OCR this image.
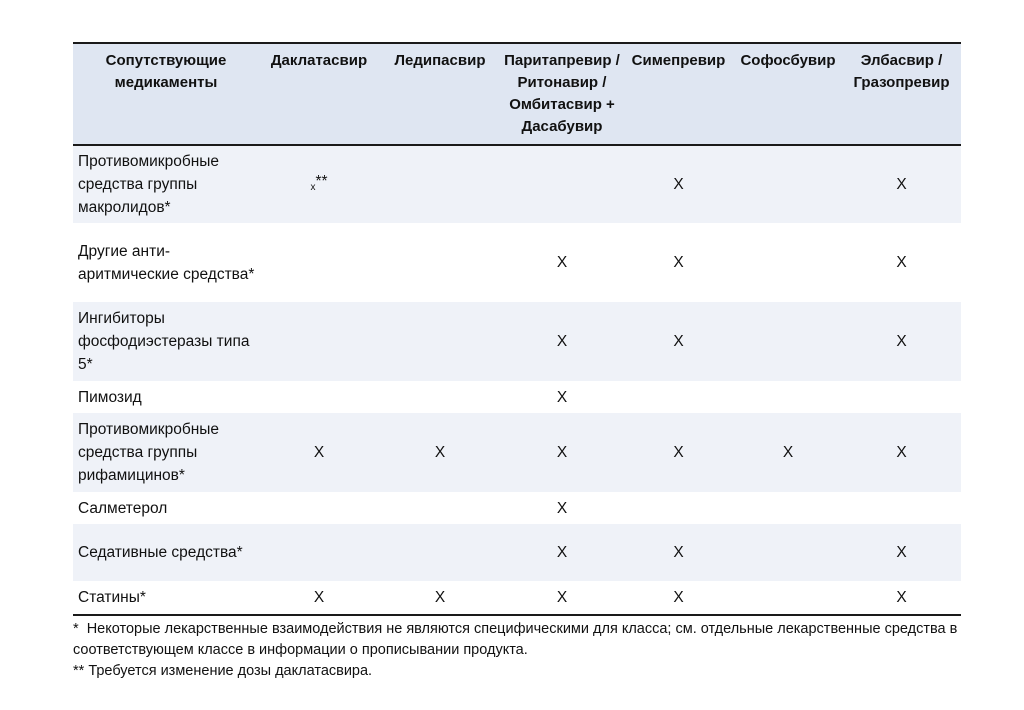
Сопутствующие медикаменты	Даклатасвир	Ледипасвир	Паритапревир / Ритонавир / Омбитасвир + Дасабувир	Симепревир	Софосбувир	Элбасвир / Гразопревир
Противомикробные средства группы макролидов*	$_x$**			X		X
Другие анти-аритмические средства*			X	X		X
Ингибиторы фосфодиэстеразы типа 5*			X	X		X
Пимозид			X			
Противомикробные средства группы рифамицинов*	X	X	X	X	X	X
Салметерол			X			
Седативные средства*			X	X		X
Статины*	X	X	X	X		X
*  Некоторые лекарственные взаимодействия не являются специфическими для класса; см. отдельные лекарственные средства в соответствующем классе в информации о прописывании продукта.
** Требуется изменение дозы даклатасвира.
